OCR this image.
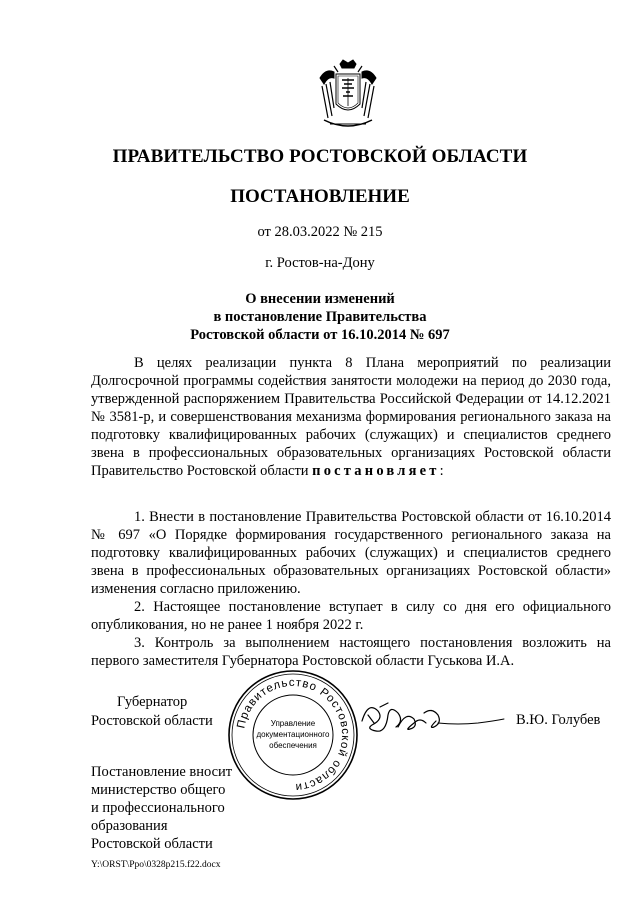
ПРАВИТЕЛЬСТВО РОСТОВСКОЙ ОБЛАСТИ
ПОСТАНОВЛЕНИЕ
от 28.03.2022 № 215
г. Ростов-на-Дону
О внесении изменений
в постановление Правительства
Ростовской области от 16.10.2014 № 697

В целях реализации пункта 8 Плана мероприятий по реализации Долгосрочной программы содействия занятости молодежи на период до 2030 года, утвержденной распоряжением Правительства Российской Федерации от 14.12.2021 № 3581-р, и совершенствования механизма формирования регионального заказа на подготовку квалифицированных рабочих (служащих) и специалистов среднего звена в профессиональных образовательных организациях Ростовской области Правительство Ростовской области постановляет:

1. Внести в постановление Правительства Ростовской области от 16.10.2014 № 697 «О Порядке формирования государственного регионального заказа на подготовку квалифицированных рабочих (служащих) и специалистов среднего звена в профессиональных образовательных организациях Ростовской области» изменения согласно приложению.

2. Настоящее постановление вступает в силу со дня его официального опубликования, но не ранее 1 ноября 2022 г.

3. Контроль за выполнением настоящего постановления возложить на первого заместителя Губернатора Ростовской области Гуськова И.А.

Губернатор
Ростовской области Правительство Ростовской области
Управление
документационного
обеспечения
В.Ю. Голубев
Постановление вносит
министерство общего
и профессионального
образования
Ростовской области
Y:\ORST\Ppo\0328p215.f22.docx
